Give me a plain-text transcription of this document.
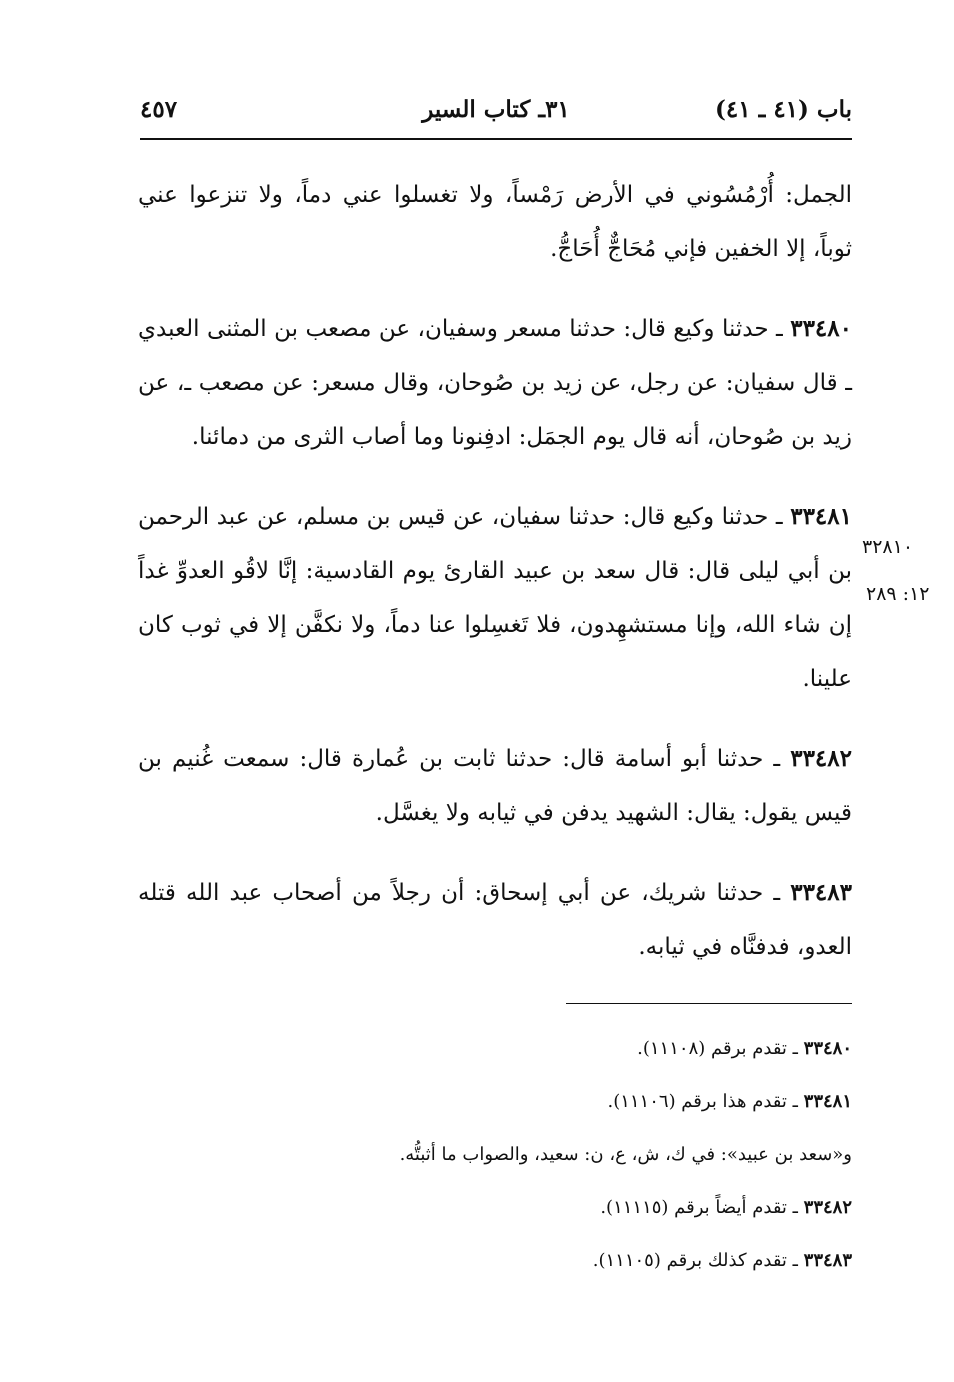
باب (٤١ ـ ٤١)
٣١ـ كتاب السير
٤٥٧
٣٢٨١٠
١٢: ٢٨٩

الجمل: أُرْمُسُوني في الأرض رَمْساً، ولا تغسلوا عني دماً، ولا تنزعوا عني ثوباً، إلا الخفين فإني مُحَاجٌّ أُحَاجُّ.

٣٣٤٨٠ ـ حدثنا وكيع قال: حدثنا مسعر وسفيان، عن مصعب بن المثنى العبدي ـ قال سفيان: عن رجل، عن زيد بن صُوحان، وقال مسعر: عن مصعب ـ، عن زيد بن صُوحان، أنه قال يوم الجمَل: ادفِنونا وما أصاب الثرى من دمائنا.

٣٣٤٨١ ـ حدثنا وكيع قال: حدثنا سفيان، عن قيس بن مسلم، عن عبد الرحمن بن أبي ليلى قال: قال سعد بن عبيد القارئ يوم القادسية: إنَّا لاقُو العدوِّ غداً إن شاء الله، وإنا مستشهِدون، فلا تَغسِلوا عنا دماً، ولا نكفَّن إلا في ثوب كان علينا.

٣٣٤٨٢ ـ حدثنا أبو أسامة قال: حدثنا ثابت بن عُمارة قال: سمعت غُنيم بن قيس يقول: يقال: الشهيد يدفن في ثيابه ولا يغسَّل.

٣٣٤٨٣ ـ حدثنا شريك، عن أبي إسحاق: أن رجلاً من أصحاب عبد الله قتله العدو، فدفنَّاه في ثيابه.

٣٣٤٨٠ ـ تقدم برقم (١١١٠٨).

٣٣٤٨١ ـ تقدم هذا برقم (١١١٠٦).

و«سعد بن عبيد»: في ك، ش، ع، ن: سعيد، والصواب ما أثبتُّه.

٣٣٤٨٢ ـ تقدم أيضاً برقم (١١١١٥).

٣٣٤٨٣ ـ تقدم كذلك برقم (١١١٠٥).
